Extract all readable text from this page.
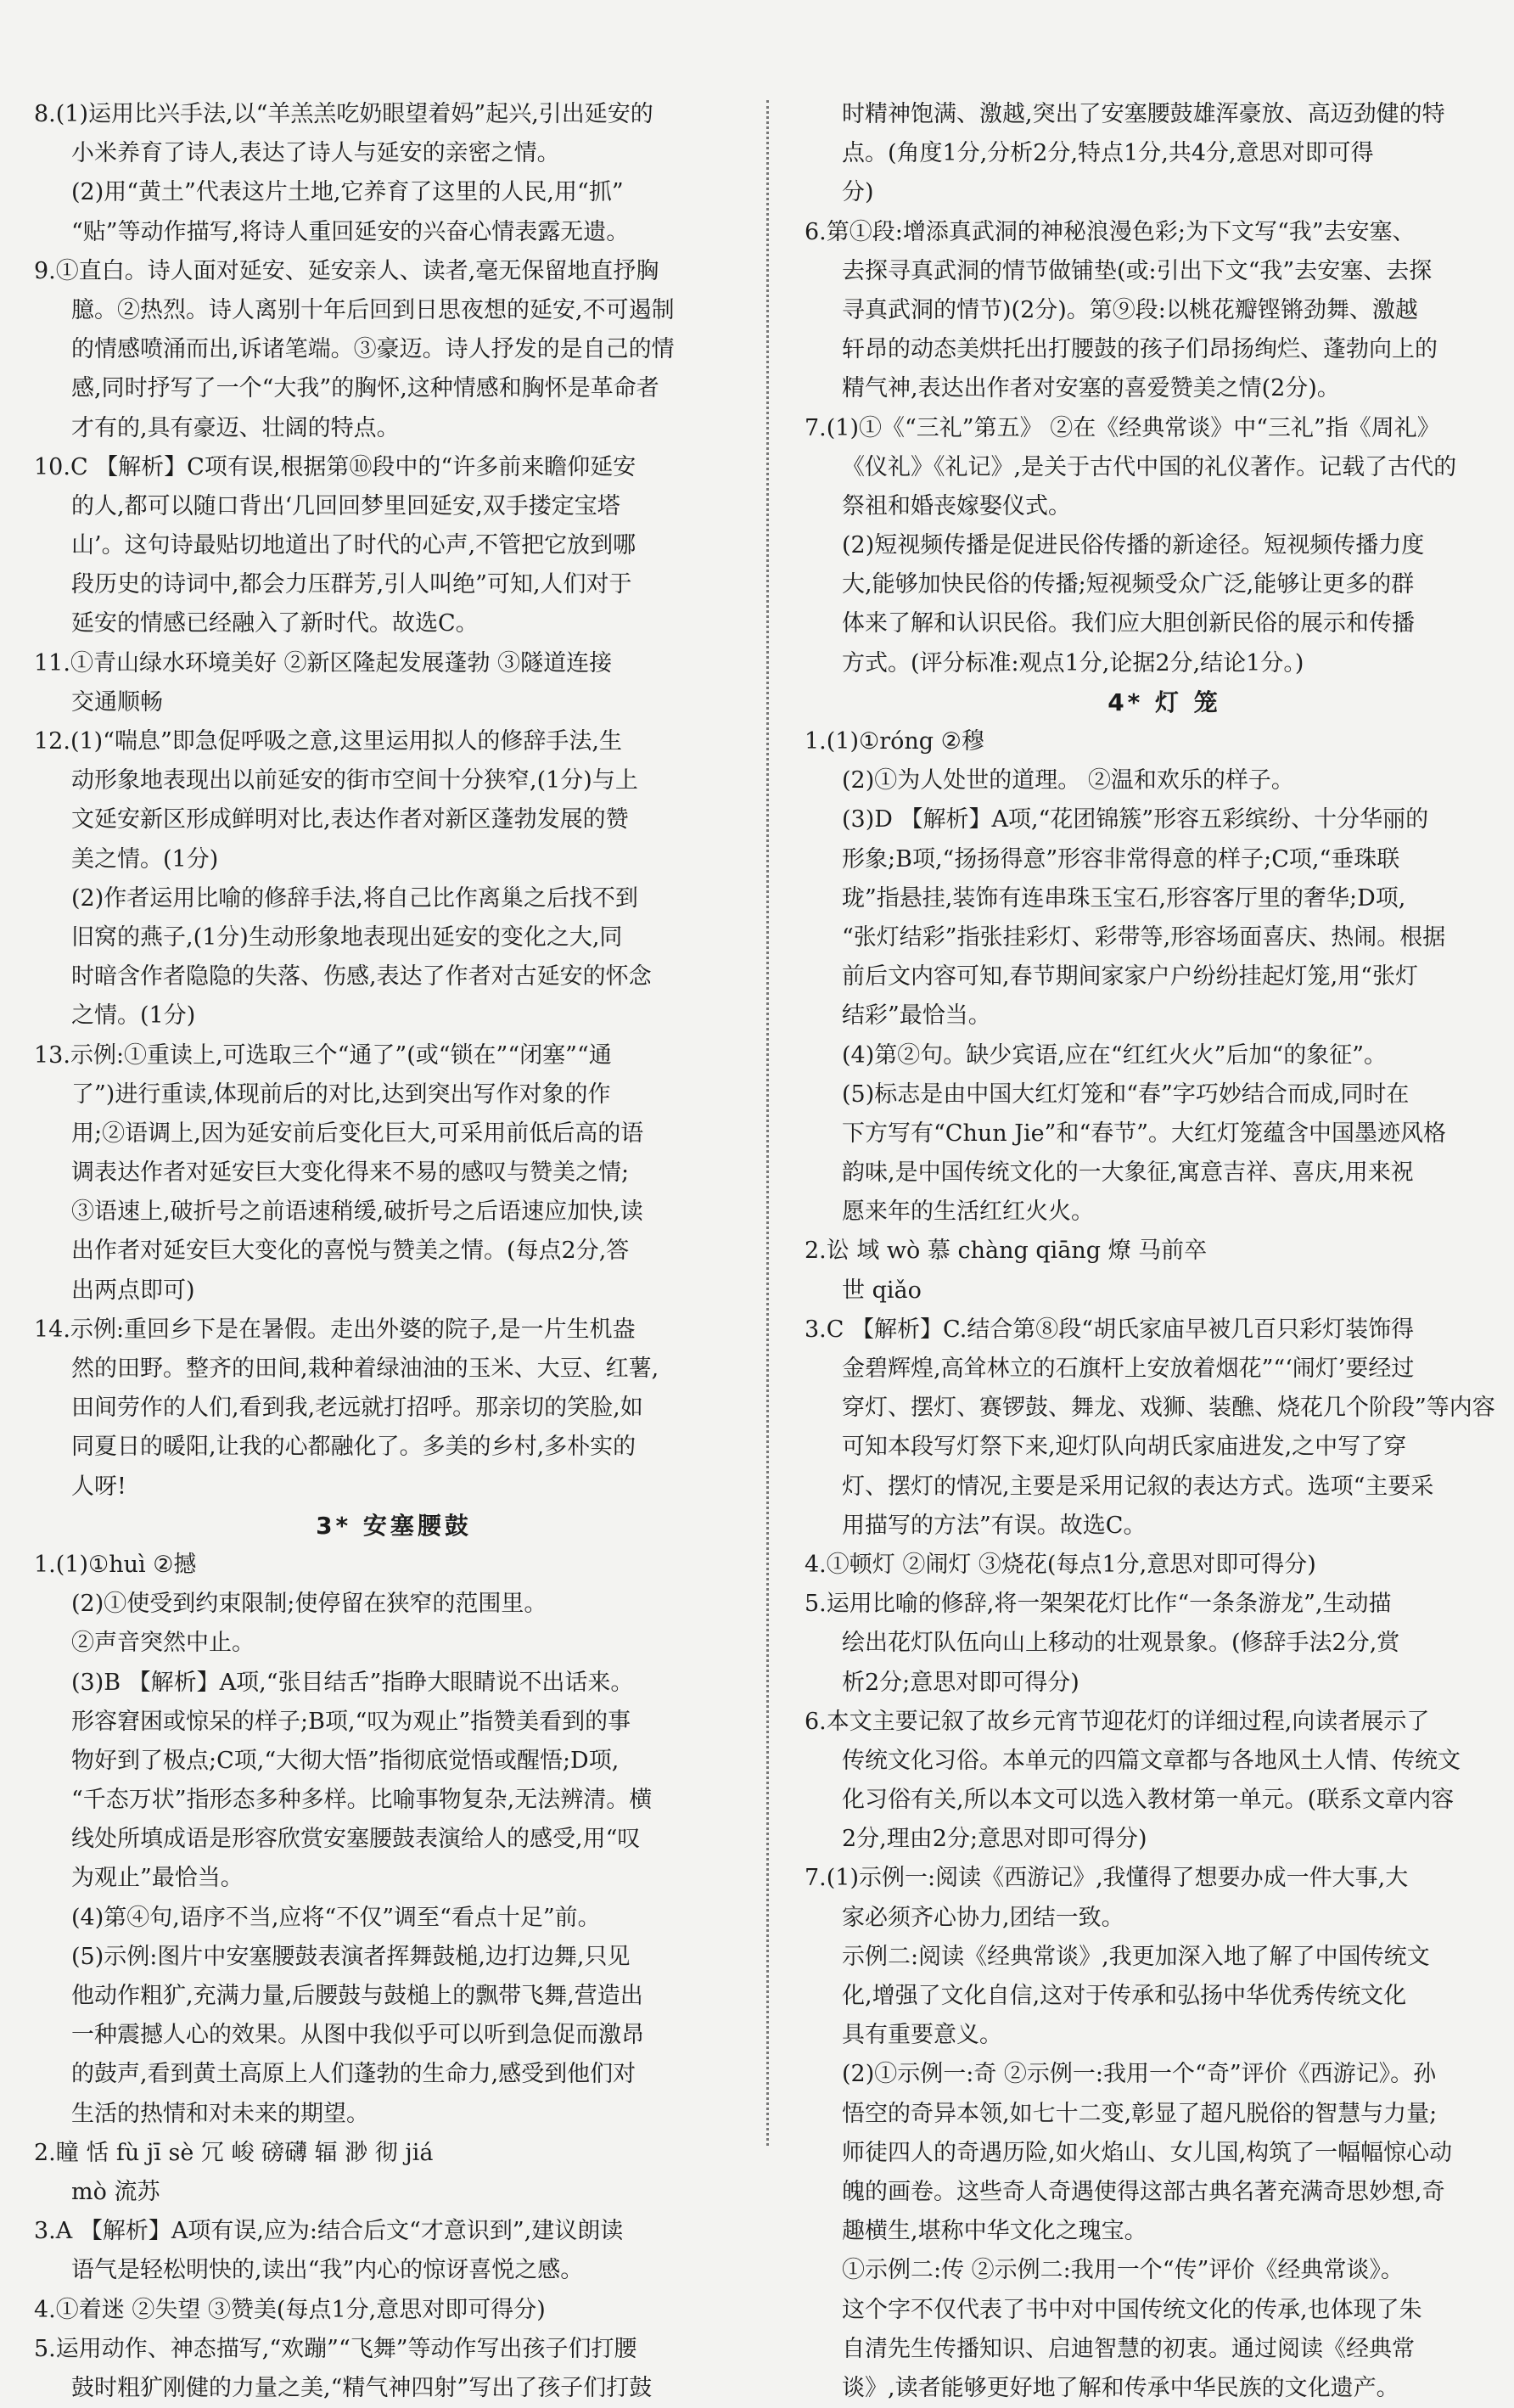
8.(1)运用比兴手法,以“羊羔羔吃奶眼望着妈”起兴,引出延安的
小米养育了诗人,表达了诗人与延安的亲密之情。
(2)用“黄土”代表这片土地,它养育了这里的人民,用“抓”
“贴”等动作描写,将诗人重回延安的兴奋心情表露无遗。
9.①直白。诗人面对延安、延安亲人、读者,毫无保留地直抒胸
臆。②热烈。诗人离别十年后回到日思夜想的延安,不可遏制
的情感喷涌而出,诉诸笔端。③豪迈。诗人抒发的是自己的情
感,同时抒写了一个“大我”的胸怀,这种情感和胸怀是革命者
才有的,具有豪迈、壮阔的特点。
10.C 【解析】C项有误,根据第⑩段中的“许多前来瞻仰延安
的人,都可以随口背出‘几回回梦里回延安,双手搂定宝塔
山’。这句诗最贴切地道出了时代的心声,不管把它放到哪
段历史的诗词中,都会力压群芳,引人叫绝”可知,人们对于
延安的情感已经融入了新时代。故选C。
11.①青山绿水环境美好 ②新区隆起发展蓬勃 ③隧道连接
交通顺畅
12.(1)“喘息”即急促呼吸之意,这里运用拟人的修辞手法,生
动形象地表现出以前延安的街市空间十分狭窄,(1分)与上
文延安新区形成鲜明对比,表达作者对新区蓬勃发展的赞
美之情。(1分)
(2)作者运用比喻的修辞手法,将自己比作离巢之后找不到
旧窝的燕子,(1分)生动形象地表现出延安的变化之大,同
时暗含作者隐隐的失落、伤感,表达了作者对古延安的怀念
之情。(1分)
13.示例:①重读上,可选取三个“通了”(或“锁在”“闭塞”“通
了”)进行重读,体现前后的对比,达到突出写作对象的作
用;②语调上,因为延安前后变化巨大,可采用前低后高的语
调表达作者对延安巨大变化得来不易的感叹与赞美之情;
③语速上,破折号之前语速稍缓,破折号之后语速应加快,读
出作者对延安巨大变化的喜悦与赞美之情。(每点2分,答
出两点即可)
14.示例:重回乡下是在暑假。走出外婆的院子,是一片生机盎
然的田野。整齐的田间,栽种着绿油油的玉米、大豆、红薯,
田间劳作的人们,看到我,老远就打招呼。那亲切的笑脸,如
同夏日的暖阳,让我的心都融化了。多美的乡村,多朴实的
人呀!
3* 安塞腰鼓
1.(1)①huì ②撼
(2)①使受到约束限制;使停留在狭窄的范围里。
②声音突然中止。
(3)B 【解析】A项,“张目结舌”指睁大眼睛说不出话来。
形容窘困或惊呆的样子;B项,“叹为观止”指赞美看到的事
物好到了极点;C项,“大彻大悟”指彻底觉悟或醒悟;D项,
“千态万状”指形态多种多样。比喻事物复杂,无法辨清。横
线处所填成语是形容欣赏安塞腰鼓表演给人的感受,用“叹
为观止”最恰当。
(4)第④句,语序不当,应将“不仅”调至“看点十足”前。
(5)示例:图片中安塞腰鼓表演者挥舞鼓槌,边打边舞,只见
他动作粗犷,充满力量,后腰鼓与鼓槌上的飘带飞舞,营造出
一种震撼人心的效果。从图中我似乎可以听到急促而激昂
的鼓声,看到黄土高原上人们蓬勃的生命力,感受到他们对
生活的热情和对未来的期望。
2.瞳 恬 fù jī sè 冗 峻 磅礴 辐 渺 彻 jiá
mò 流苏
3.A 【解析】A项有误,应为:结合后文“才意识到”,建议朗读
语气是轻松明快的,读出“我”内心的惊讶喜悦之感。
4.①着迷 ②失望 ③赞美(每点1分,意思对即可得分)
5.运用动作、神态描写,“欢蹦”“飞舞”等动作写出孩子们打腰
鼓时粗犷刚健的力量之美,“精气神四射”写出了孩子们打鼓
时精神饱满、激越,突出了安塞腰鼓雄浑豪放、高迈劲健的特
点。(角度1分,分析2分,特点1分,共4分,意思对即可得
分)
6.第①段:增添真武洞的神秘浪漫色彩;为下文写“我”去安塞、
去探寻真武洞的情节做铺垫(或:引出下文“我”去安塞、去探
寻真武洞的情节)(2分)。第⑨段:以桃花瓣铿锵劲舞、激越
轩昂的动态美烘托出打腰鼓的孩子们昂扬绚烂、蓬勃向上的
精气神,表达出作者对安塞的喜爱赞美之情(2分)。
7.(1)①《“三礼”第五》 ②在《经典常谈》中“三礼”指《周礼》
《仪礼》《礼记》,是关于古代中国的礼仪著作。记载了古代的
祭祖和婚丧嫁娶仪式。
(2)短视频传播是促进民俗传播的新途径。短视频传播力度
大,能够加快民俗的传播;短视频受众广泛,能够让更多的群
体来了解和认识民俗。我们应大胆创新民俗的展示和传播
方式。(评分标准:观点1分,论据2分,结论1分。)
4* 灯 笼
1.(1)①róng ②穆
(2)①为人处世的道理。 ②温和欢乐的样子。
(3)D 【解析】A项,“花团锦簇”形容五彩缤纷、十分华丽的
形象;B项,“扬扬得意”形容非常得意的样子;C项,“垂珠联
珑”指悬挂,装饰有连串珠玉宝石,形容客厅里的奢华;D项,
“张灯结彩”指张挂彩灯、彩带等,形容场面喜庆、热闹。根据
前后文内容可知,春节期间家家户户纷纷挂起灯笼,用“张灯
结彩”最恰当。
(4)第②句。缺少宾语,应在“红红火火”后加“的象征”。
(5)标志是由中国大红灯笼和“春”字巧妙结合而成,同时在
下方写有“Chun Jie”和“春节”。大红灯笼蕴含中国墨迹风格
韵味,是中国传统文化的一大象征,寓意吉祥、喜庆,用来祝
愿来年的生活红红火火。
2.讼 域 wò 慕 chàng qiāng 燎 马前卒
世 qiǎo
3.C 【解析】C.结合第⑧段“胡氏家庙早被几百只彩灯装饰得
金碧辉煌,高耸林立的石旗杆上安放着烟花”“‘闹灯’要经过
穿灯、摆灯、赛锣鼓、舞龙、戏狮、装醮、烧花几个阶段”等内容
可知本段写灯祭下来,迎灯队向胡氏家庙进发,之中写了穿
灯、摆灯的情况,主要是采用记叙的表达方式。选项“主要采
用描写的方法”有误。故选C。
4.①顿灯 ②闹灯 ③烧花(每点1分,意思对即可得分)
5.运用比喻的修辞,将一架架花灯比作“一条条游龙”,生动描
绘出花灯队伍向山上移动的壮观景象。(修辞手法2分,赏
析2分;意思对即可得分)
6.本文主要记叙了故乡元宵节迎花灯的详细过程,向读者展示了
传统文化习俗。本单元的四篇文章都与各地风土人情、传统文
化习俗有关,所以本文可以选入教材第一单元。(联系文章内容
2分,理由2分;意思对即可得分)
7.(1)示例一:阅读《西游记》,我懂得了想要办成一件大事,大
家必须齐心协力,团结一致。
示例二:阅读《经典常谈》,我更加深入地了解了中国传统文
化,增强了文化自信,这对于传承和弘扬中华优秀传统文化
具有重要意义。
(2)①示例一:奇 ②示例一:我用一个“奇”评价《西游记》。孙
悟空的奇异本领,如七十二变,彰显了超凡脱俗的智慧与力量;
师徒四人的奇遇历险,如火焰山、女儿国,构筑了一幅幅惊心动
魄的画卷。这些奇人奇遇使得这部古典名著充满奇思妙想,奇
趣横生,堪称中华文化之瑰宝。
①示例二:传 ②示例二:我用一个“传”评价《经典常谈》。
这个字不仅代表了书中对中国传统文化的传承,也体现了朱
自清先生传播知识、启迪智慧的初衷。通过阅读《经典常
谈》,读者能够更好地了解和传承中华民族的文化遗产。
